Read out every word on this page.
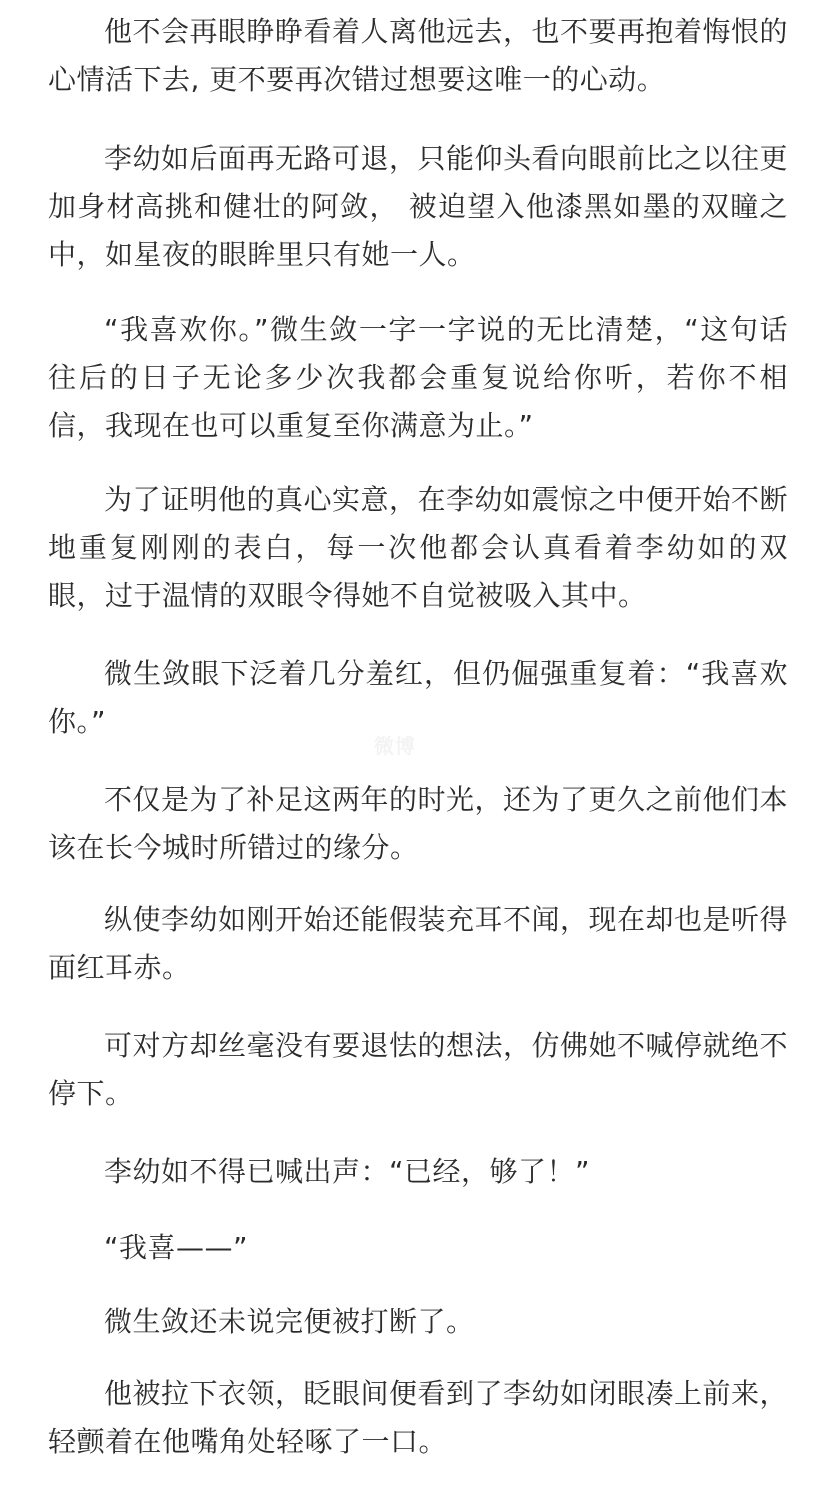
他不会再眼睁睁看着人离他远去，也不要再抱着悔恨的心情活下去, 更不要再次错过想要这唯一的心动。

李幼如后面再无路可退，只能仰头看向眼前比之以往更加身材高挑和健壮的阿敛， 被迫望入他漆黑如墨的双瞳之中，如星夜的眼眸里只有她一人。

“我喜欢你。”微生敛一字一字说的无比清楚，“这句话往后的日子无论多少次我都会重复说给你听，若你不相信，我现在也可以重复至你满意为止。”

为了证明他的真心实意，在李幼如震惊之中便开始不断地重复刚刚的表白，每一次他都会认真看着李幼如的双眼，过于温情的双眼令得她不自觉被吸入其中。

微生敛眼下泛着几分羞红，但仍倔强重复着：“我喜欢你。”

不仅是为了补足这两年的时光，还为了更久之前他们本该在长今城时所错过的缘分。

纵使李幼如刚开始还能假装充耳不闻，现在却也是听得面红耳赤。

可对方却丝毫没有要退怯的想法，仿佛她不喊停就绝不停下。

李幼如不得已喊出声：“已经，够了！”

“我喜——”

微生敛还未说完便被打断了。

他被拉下衣领，眨眼间便看到了李幼如闭眼凑上前来，轻颤着在他嘴角处轻啄了一口。

微博
